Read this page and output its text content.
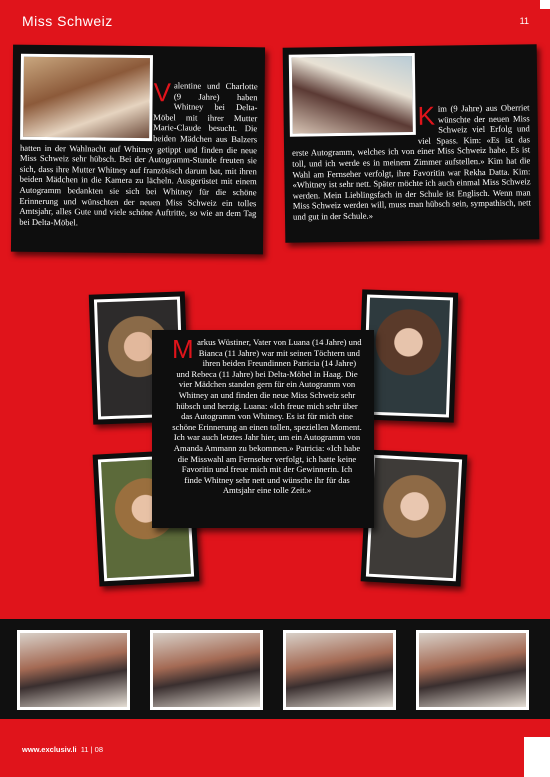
Miss Schweiz	11
Valentine und Charlotte (9 Jahre) haben Whitney bei Delta-Möbel mit ihrer Mutter Marie-Claude besucht. Die beiden Mädchen aus Balzers hatten in der Wahlnacht auf Whitney getippt und finden die neue Miss Schweiz sehr hübsch. Bei der Autogramm-Stunde freuten sie sich, dass ihre Mutter Whitney auf französisch darum bat, mit ihren beiden Mädchen in die Kamera zu lächeln. Ausgerüstet mit einem Autogramm bedankten sie sich bei Whitney für die schöne Erinnerung und wünschten der neuen Miss Schweiz ein tolles Amtsjahr, alles Gute und viele schöne Auftritte, so wie an dem Tag bei Delta-Möbel.
Kim (9 Jahre) aus Oberriet wünschte der neuen Miss Schweiz viel Erfolg und viel Spass. Kim: «Es ist das erste Autogramm, welches ich von einer Miss Schweiz habe. Es ist toll, und ich werde es in meinem Zimmer aufstellen.» Kim hat die Wahl am Fernseher verfolgt, ihre Favoritin war Rekha Datta. Kim: «Whitney ist sehr nett. Später möchte ich auch einmal Miss Schweiz werden. Mein Lieblingsfach in der Schule ist Englisch. Wenn man Miss Schweiz werden will, muss man hübsch sein, sympathisch, nett und gut in der Schule.»
Markus Wüstiner, Vater von Luana (14 Jahre) und Bianca (11 Jahre) war mit seinen Töchtern und ihren beiden Freundinnen Patricia (14 Jahre) und Rebeca (11 Jahre) bei Delta-Möbel in Haag. Die vier Mädchen standen gern für ein Autogramm von Whitney an und finden die neue Miss Schweiz sehr hübsch und herzig. Luana: «Ich freue mich sehr über das Autogramm von Whitney. Es ist für mich eine schöne Erinnerung an einen tollen, speziellen Moment. Ich war auch letztes Jahr hier, um ein Autogramm von Amanda Ammann zu bekommen.» Patricia: «Ich habe die Misswahl am Fernseher verfolgt, ich hatte keine Favoritin und freue mich mit der Gewinnerin. Ich finde Whitney sehr nett und wünsche ihr für das Amtsjahr eine tolle Zeit.»
www.exclusiv.li 11 | 08
